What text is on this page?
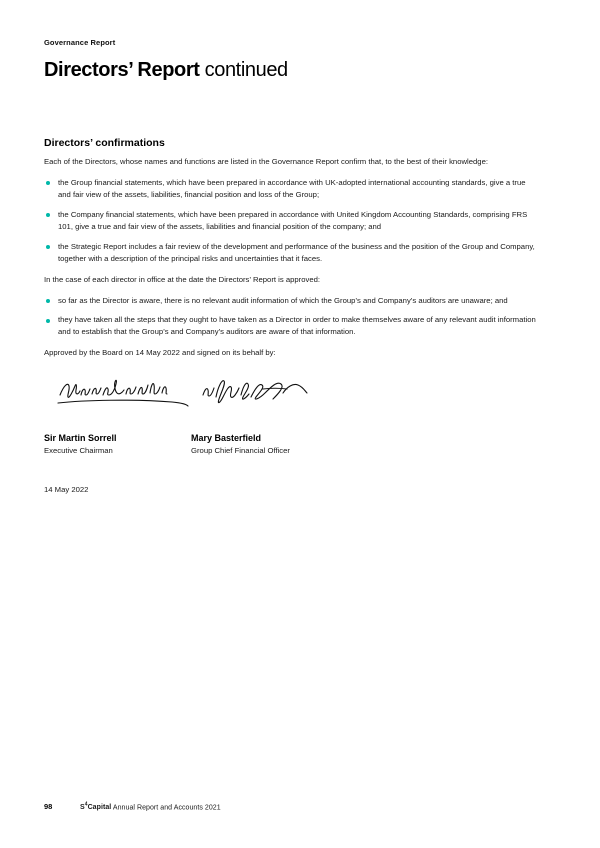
Governance Report
Directors’ Report continued
Directors’ confirmations

Each of the Directors, whose names and functions are listed in the Governance Report confirm that, to the best of their knowledge:

the Group financial statements, which have been prepared in accordance with UK-adopted international accounting standards, give a true and fair view of the assets, liabilities, financial position and loss of the Group;
the Company financial statements, which have been prepared in accordance with United Kingdom Accounting Standards, comprising FRS 101, give a true and fair view of the assets, liabilities and financial position of the company; and
the Strategic Report includes a fair review of the development and performance of the business and the position of the Group and Company, together with a description of the principal risks and uncertainties that it faces.

In the case of each director in office at the date the Directors’ Report is approved:

so far as the Director is aware, there is no relevant audit information of which the Group’s and Company’s auditors are unaware; and
they have taken all the steps that they ought to have taken as a Director in order to make themselves aware of any relevant audit information and to establish that the Group’s and Company’s auditors are aware of that information.

Approved by the Board on 14 May 2022 and signed on its behalf by:

Sir Martin Sorrell

Executive Chairman

Mary Basterfield

Group Chief Financial Officer

14 May 2022

98	$S^4Capital$ Annual Report and Accounts 2021
